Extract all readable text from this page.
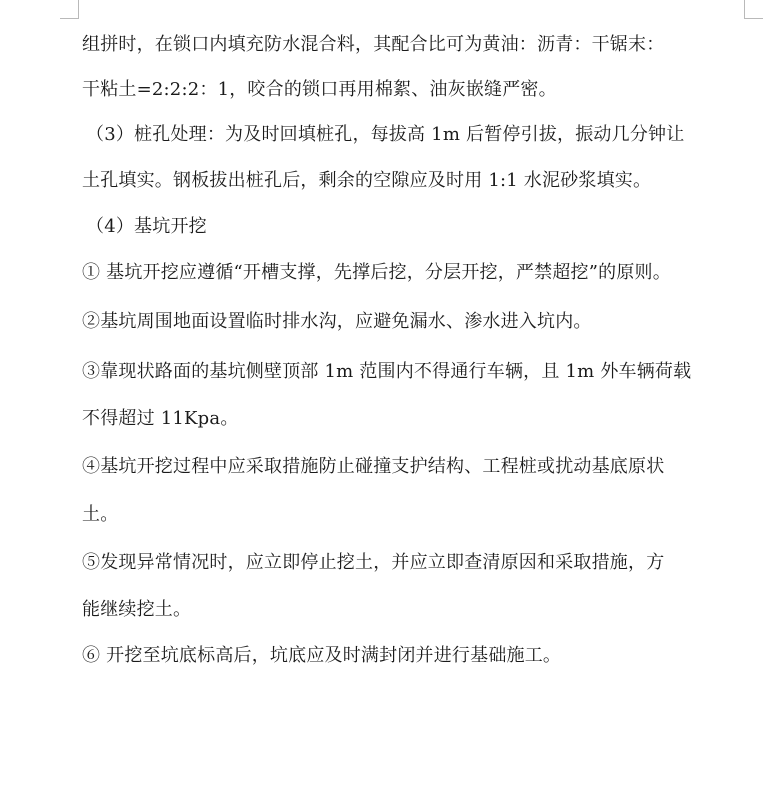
组拼时，在锁口内填充防水混合料，其配合比可为黄油：沥青：干锯末：
干粘土=2:2:2：1，咬合的锁口再用棉絮、油灰嵌缝严密。
（3）桩孔处理：为及时回填桩孔，每拔高 1m 后暂停引拔，振动几分钟让
土孔填实。钢板拔出桩孔后，剩余的空隙应及时用 1:1 水泥砂浆填实。
（4）基坑开挖
① 基坑开挖应遵循“开槽支撑，先撑后挖，分层开挖，严禁超挖”的原则。
②基坑周围地面设置临时排水沟，应避免漏水、渗水进入坑内。
③靠现状路面的基坑侧壁顶部 1m 范围内不得通行车辆，且 1m 外车辆荷载
不得超过 11Kpa。
④基坑开挖过程中应采取措施防止碰撞支护结构、工程桩或扰动基底原状
土。
⑤发现异常情况时，应立即停止挖土，并应立即查清原因和采取措施，方
能继续挖土。
⑥ 开挖至坑底标高后，坑底应及时满封闭并进行基础施工。
